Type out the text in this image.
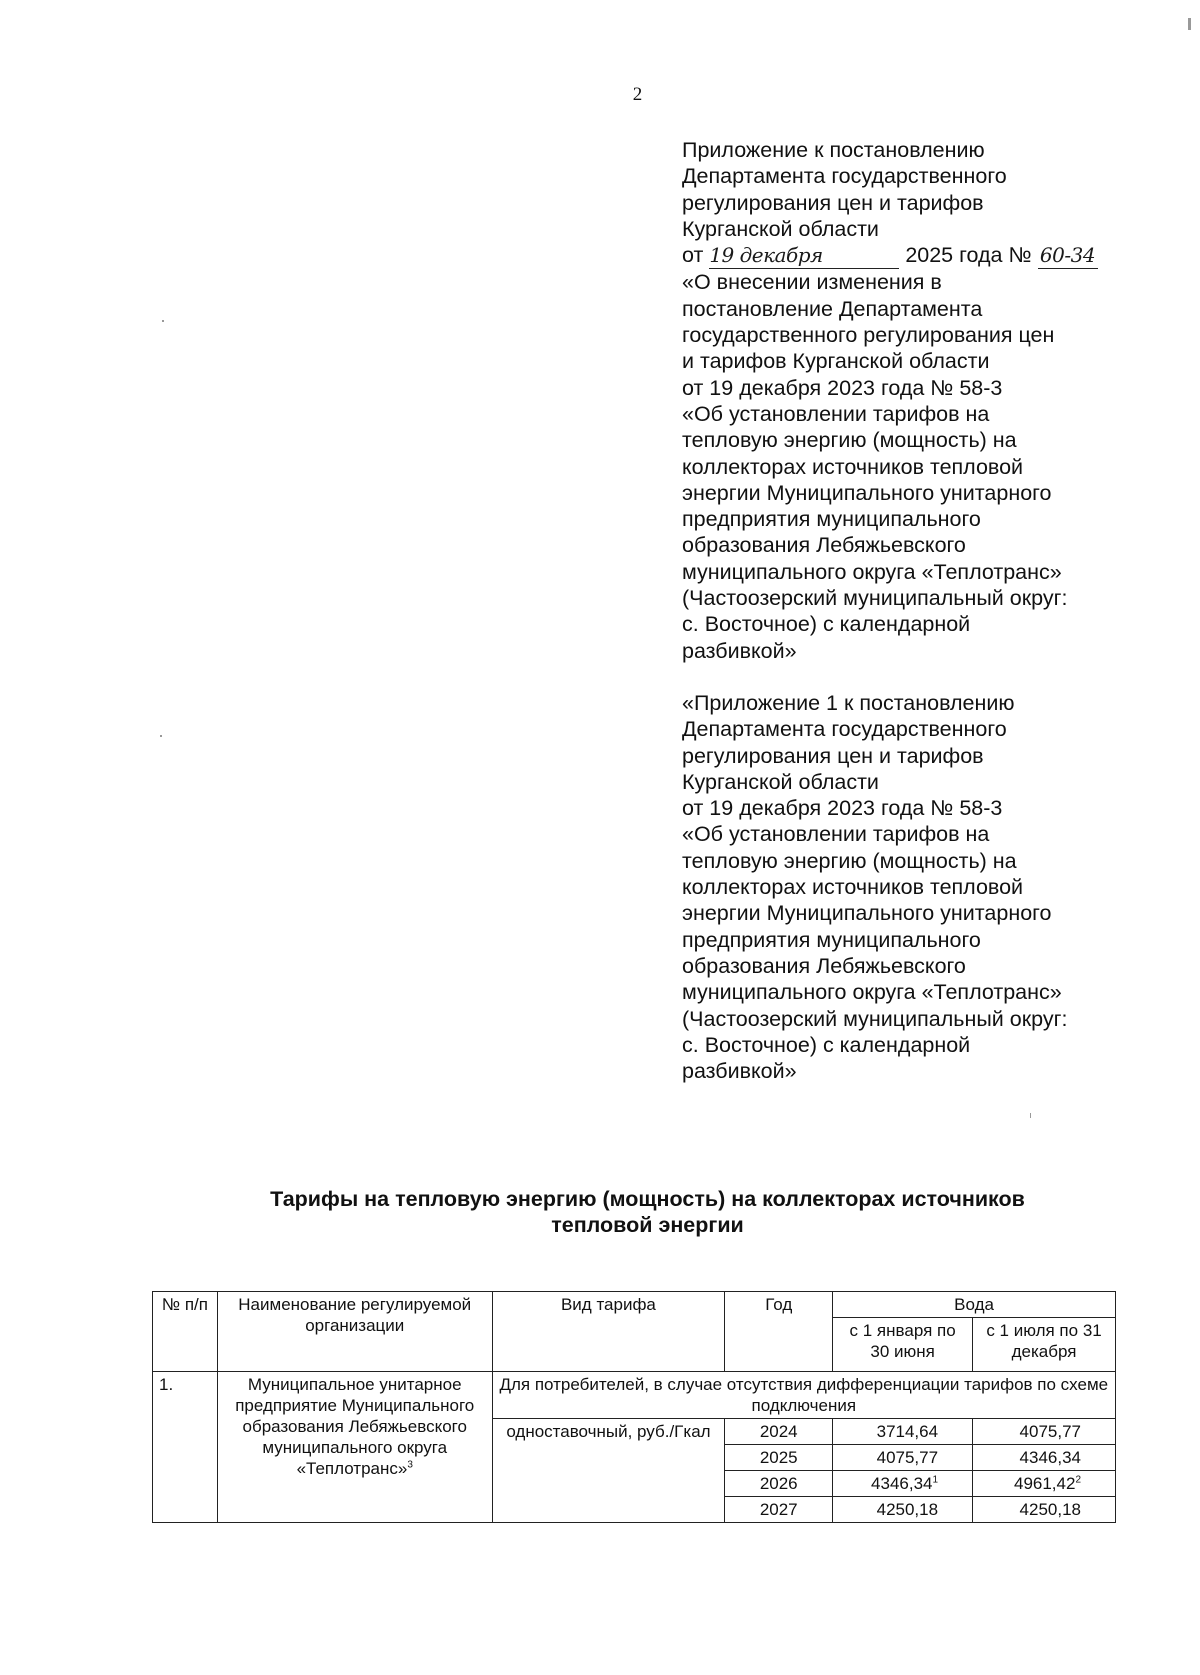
2

Приложение к постановлению

Департамента государственного

регулирования цен и тарифов

Курганской области

от 19 декабря	2025 года № 60-34

«О внесении изменения в

постановление Департамента

государственного регулирования цен

и тарифов Курганской области

от 19 декабря 2023 года № 58-3

«Об установлении тарифов на

тепловую энергию (мощность) на

коллекторах источников тепловой

энергии Муниципального унитарного

предприятия муниципального

образования Лебяжьевского

муниципального округа «Теплотранс»

(Частоозерский муниципальный округ:

с. Восточное) с календарной

разбивкой»

«Приложение 1 к постановлению

Департамента государственного

регулирования цен и тарифов

Курганской области

от 19 декабря 2023 года № 58-3

«Об установлении тарифов на

тепловую энергию (мощность) на

коллекторах источников тепловой

энергии Муниципального унитарного

предприятия муниципального

образования Лебяжьевского

муниципального округа «Теплотранс»

(Частоозерский муниципальный округ:

с. Восточное) с календарной

разбивкой»

Тарифы на тепловую энергию (мощность) на коллекторах источников
тепловой энергии
№ п/п	Наименование регулируемой организации	Вид тарифа	Год	Вода	
				с 1 января по 30 июня	с 1 июля по 31 декабря
1.	Муниципальное унитарное предприятие Муниципального образования Лебяжьевского муниципального округа «Теплотранс»$^3$	Для потребителей, в случае отсутствия дифференциации тарифов по схеме подключения			
		одноставочный, руб./Гкал	2024	3714,64	4075,77
			2025	4075,77	4346,34
			2026	4346,34$^1$	4961,42$^2$
			2027	4250,18	4250,18
